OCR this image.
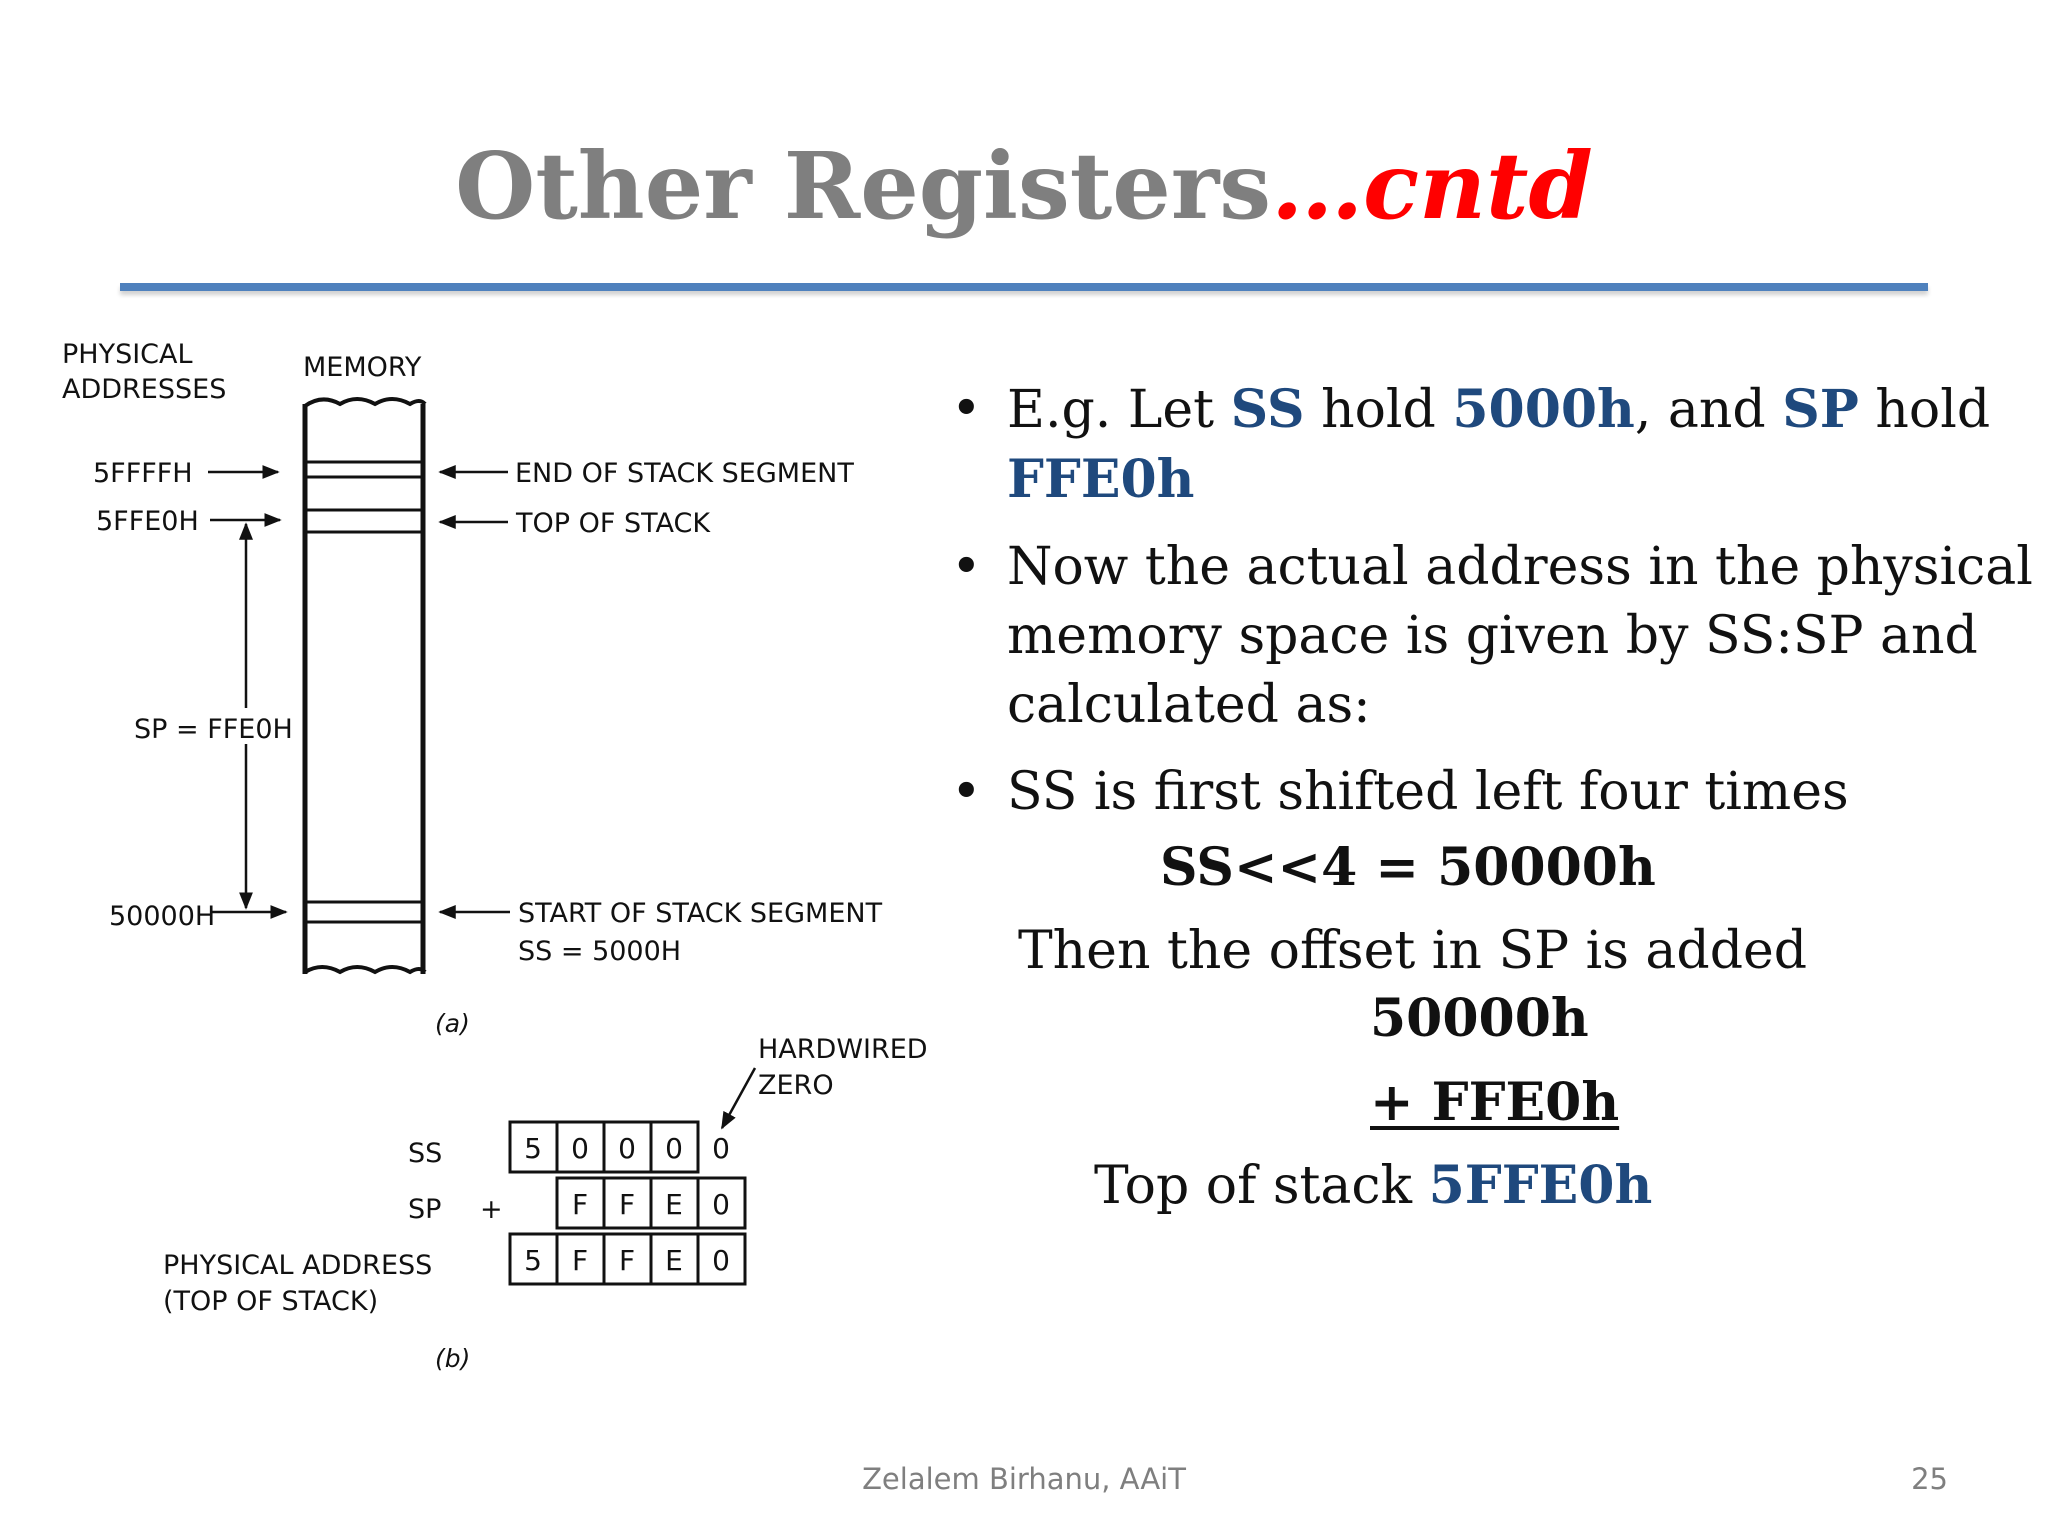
Other Registers…cntd
PHYSICAL
ADDRESSES
MEMORY
5FFFFH
5FFE0H
50000H
SP = FFE0H
END OF STACK SEGMENT
TOP OF STACK
START OF STACK SEGMENT
SS = 5000H
(a)
HARDWIRED
ZERO
SS
SP +
PHYSICAL ADDRESS
(TOP OF STACK)
5 0 0 0 0
F F E 0
5 F F E 0
(b)
• E.g. Let SS hold 5000h, and SP hold
FFE0h
• Now the actual address in the physical memory space is given by SS:SP and calculated as:
• SS is first shifted left four times
SS<<4 = 50000h
Then the offset in SP is added
50000h
+ FFE0h
Top of stack 5FFE0h
Zelalem Birhanu, AAiT	25
